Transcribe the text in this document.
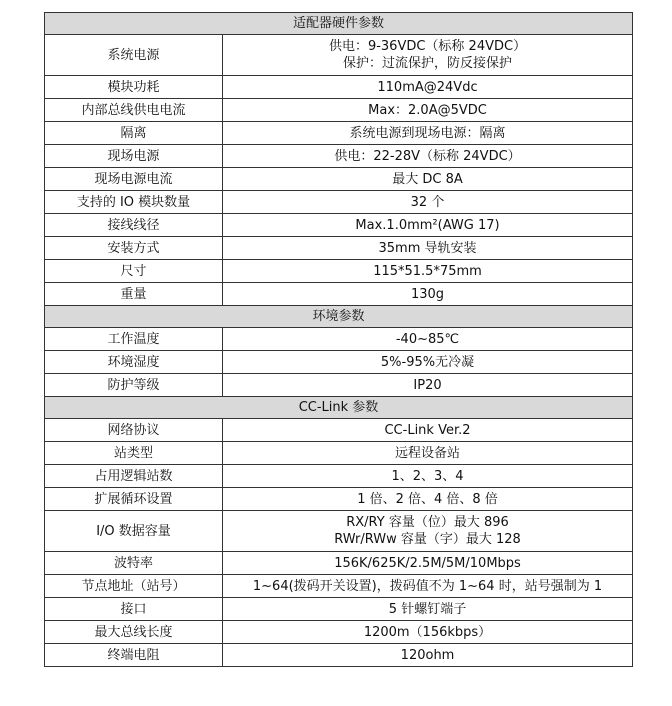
适配器硬件参数	
系统电源	供电：9-36VDC（标称 24VDC）
保护：过流保护，防反接保护

模块功耗	110mA@24Vdc

内部总线供电电流	Max：2.0A@5VDC

隔离	系统电源到现场电源：隔离

现场电源	供电：22-28V（标称 24VDC）

现场电源电流	最大 DC 8A

支持的 IO 模块数量	32 个

接线线径	Max.1.0mm²(AWG 17)

安装方式	35mm 导轨安装

尺寸	115*51.5*75mm

重量	130g

环境参数	
工作温度	-40~85℃

环境湿度	5%-95%无冷凝

防护等级	IP20

CC-Link 参数	
网络协议	CC-Link Ver.2

站类型	远程设备站

占用逻辑站数	1、2、3、4

扩展循环设置	1 倍、2 倍、4 倍、8 倍

I/O 数据容量	RX/RY 容量（位）最大 896
RWr/RWw 容量（字）最大 128

波特率	156K/625K/2.5M/5M/10Mbps

节点地址（站号）	1~64(拨码开关设置)，拨码值不为 1~64 时，站号强制为 1

接口	5 针螺钉端子

最大总线长度	1200m（156kbps）

终端电阻	120ohm
